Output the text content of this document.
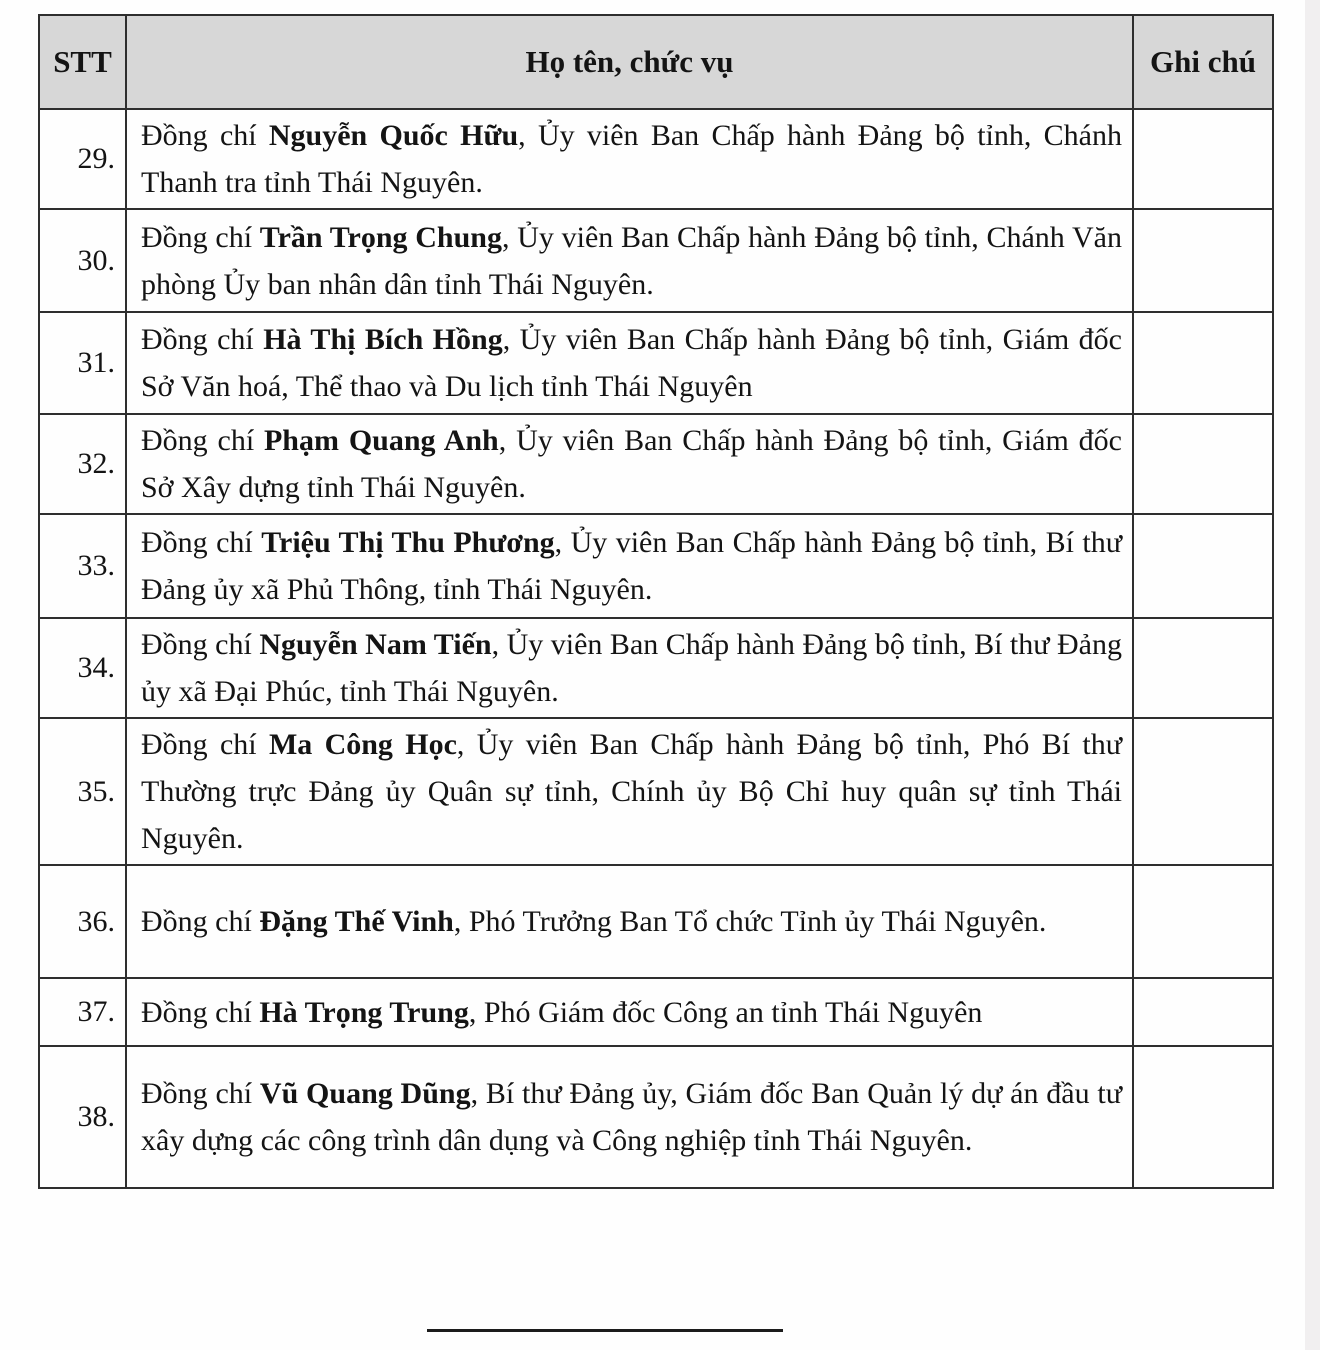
STT	Họ tên, chức vụ	Ghi chú
29.	Đồng chí Nguyễn Quốc Hữu, Ủy viên Ban Chấp hành Đảng bộ tỉnh, Chánh Thanh tra tỉnh Thái Nguyên.	
30.	Đồng chí Trần Trọng Chung, Ủy viên Ban Chấp hành Đảng bộ tỉnh, Chánh Văn phòng Ủy ban nhân dân tỉnh Thái Nguyên.	
31.	Đồng chí Hà Thị Bích Hồng, Ủy viên Ban Chấp hành Đảng bộ tỉnh, Giám đốc Sở Văn hoá, Thể thao và Du lịch tỉnh Thái Nguyên	
32.	Đồng chí Phạm Quang Anh, Ủy viên Ban Chấp hành Đảng bộ tỉnh, Giám đốc Sở Xây dựng tỉnh Thái Nguyên.	
33.	Đồng chí Triệu Thị Thu Phương, Ủy viên Ban Chấp hành Đảng bộ tỉnh, Bí thư Đảng ủy xã Phủ Thông, tỉnh Thái Nguyên.	
34.	Đồng chí Nguyễn Nam Tiến, Ủy viên Ban Chấp hành Đảng bộ tỉnh, Bí thư Đảng ủy xã Đại Phúc, tỉnh Thái Nguyên.	
35.	Đồng chí Ma Công Học, Ủy viên Ban Chấp hành Đảng bộ tỉnh, Phó Bí thư Thường trực Đảng ủy Quân sự tỉnh, Chính ủy Bộ Chỉ huy quân sự tỉnh Thái Nguyên.	
36.	Đồng chí Đặng Thế Vinh, Phó Trưởng Ban Tổ chức Tỉnh ủy Thái Nguyên.	
37.	Đồng chí Hà Trọng Trung, Phó Giám đốc Công an tỉnh Thái Nguyên	
38.	Đồng chí Vũ Quang Dũng, Bí thư Đảng ủy, Giám đốc Ban Quản lý dự án đầu tư xây dựng các công trình dân dụng và Công nghiệp tỉnh Thái Nguyên.	
